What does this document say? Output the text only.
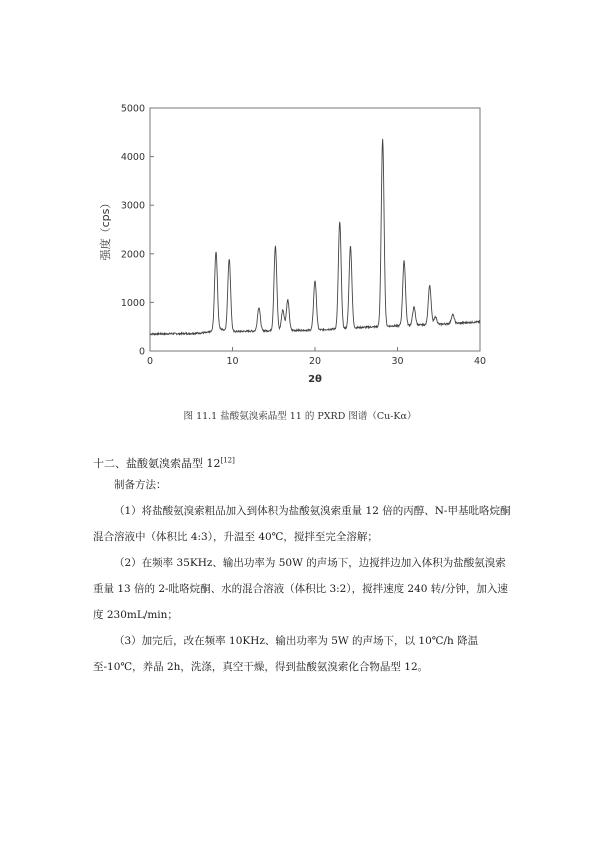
0
1000
2000
3000
4000
5000
0	10	20	30	40
2θ
强度（cps）
图 11.1 盐酸氨溴索晶型 11 的 PXRD 图谱（Cu-Kα）
十二、盐酸氨溴索晶型 12[12]

制备方法：

（1）将盐酸氨溴索粗品加入到体积为盐酸氨溴索重量 12 倍的丙醇、N-甲基吡咯烷酮混合溶液中（体积比 4:3），升温至 40℃，搅拌至完全溶解；

（2）在频率 35KHz、输出功率为 50W 的声场下，边搅拌边加入体积为盐酸氨溴索重量 13 倍的 2-吡咯烷酮、水的混合溶液（体积比 3:2），搅拌速度 240 转/分钟，加入速度 230mL/min；

（3）加完后，改在频率 10KHz、输出功率为 5W 的声场下，以 10℃/h 降温至-10℃，养晶 2h，洗涤，真空干燥，得到盐酸氨溴索化合物晶型 12。
